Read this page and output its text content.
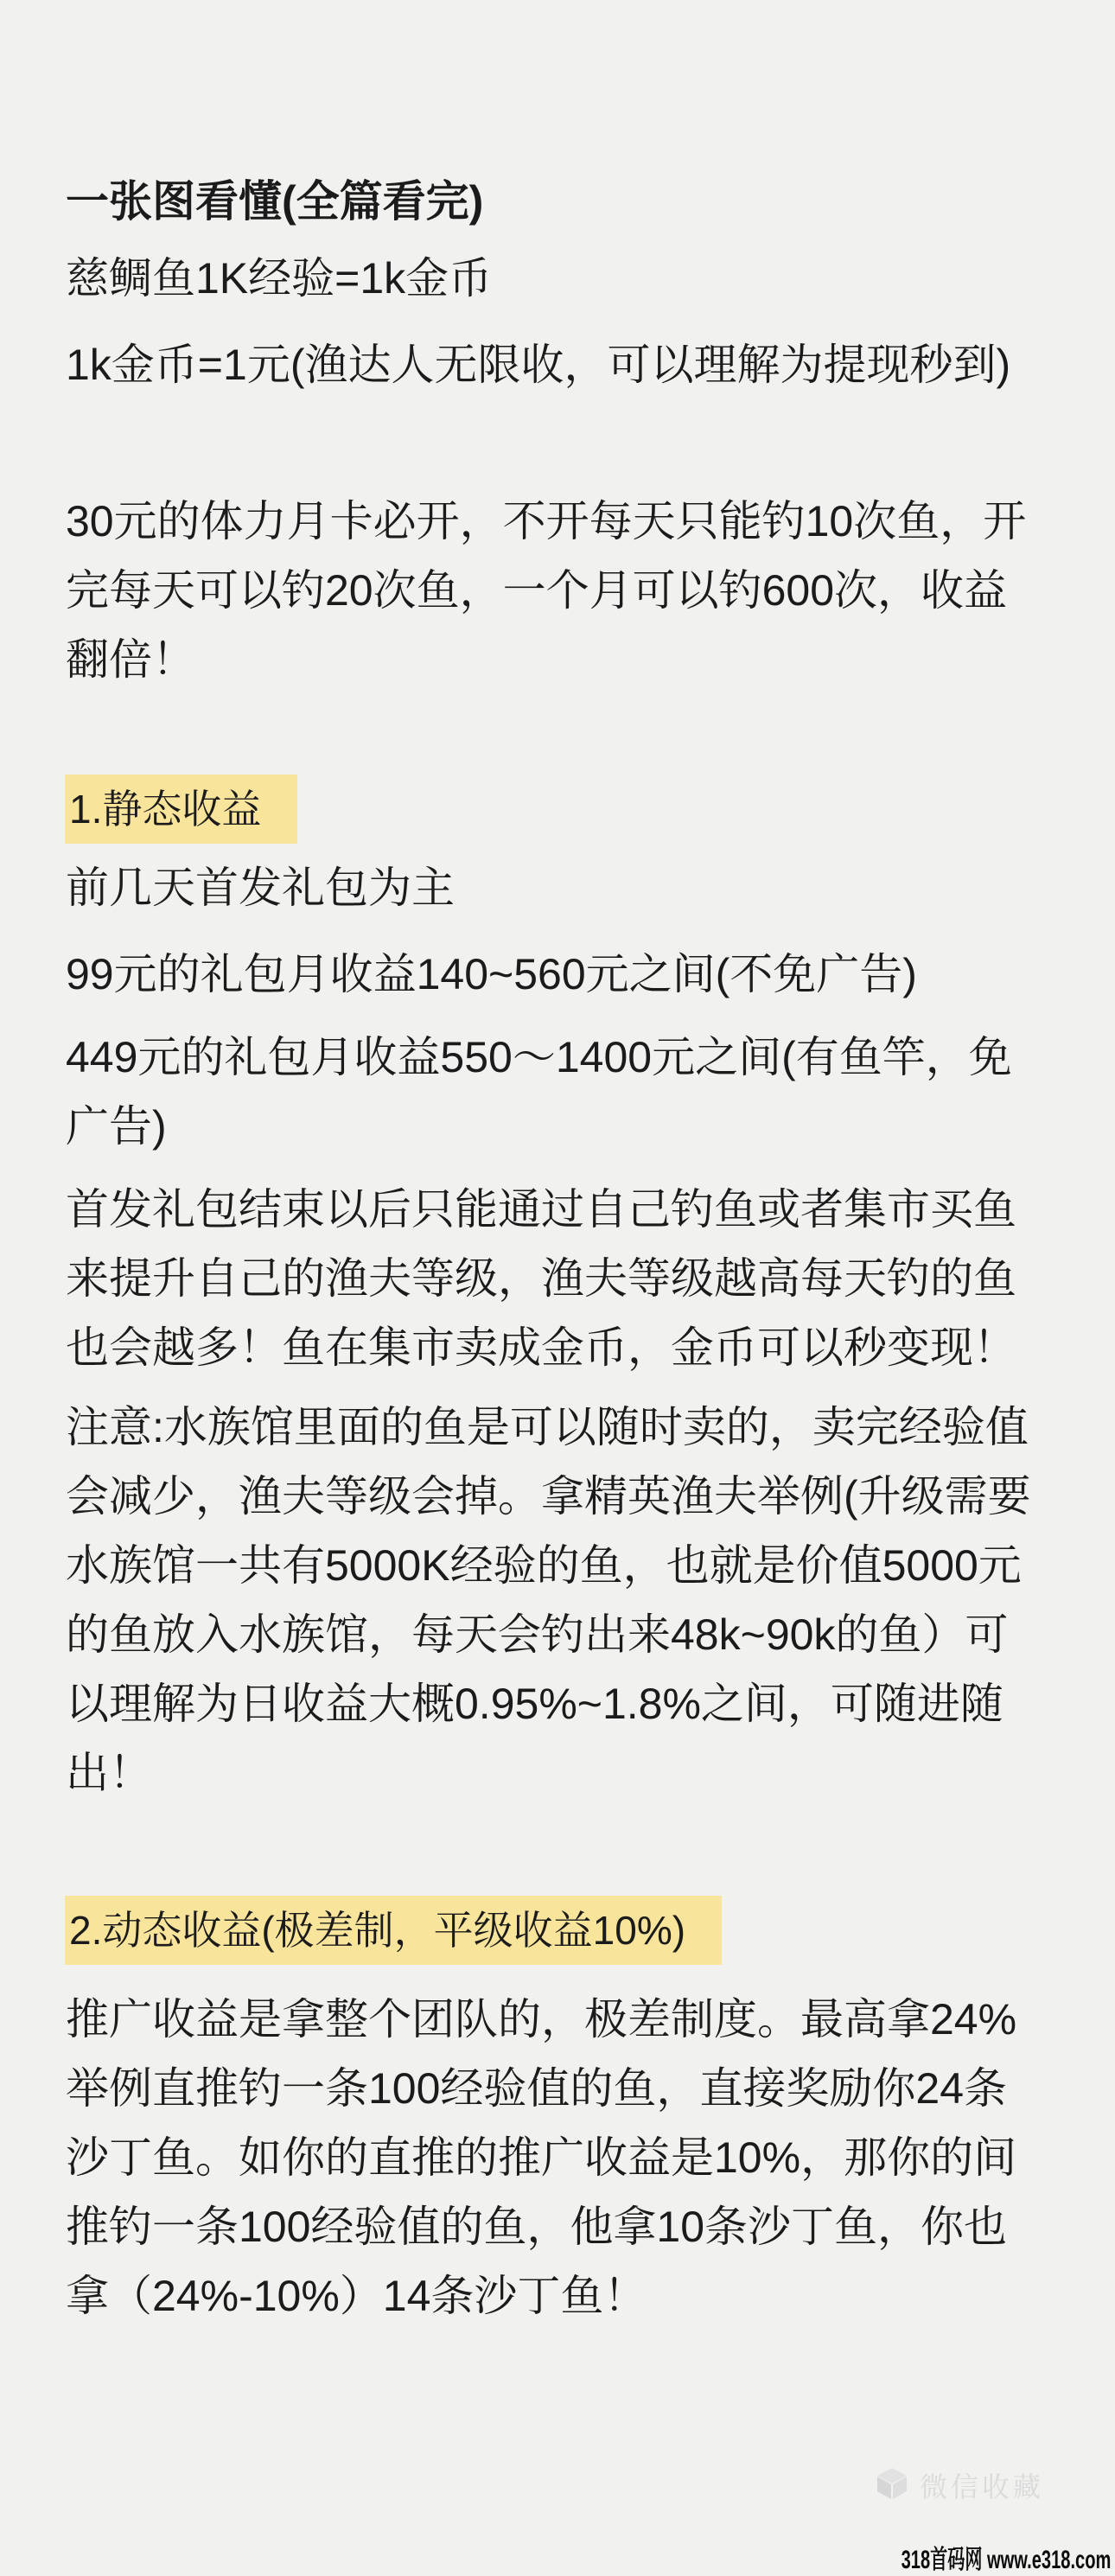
一张图看懂(全篇看完)
慈鲷鱼1K经验=1k金币
1k金币=1元(渔达人无限收，可以理解为提现秒到)
30元的体力月卡必开，不开每天只能钓10次鱼，开
完每天可以钓20次鱼，一个月可以钓600次，收益
翻倍！
1.静态收益
前几天首发礼包为主
99元的礼包月收益140~560元之间(不免广告)
449元的礼包月收益550～1400元之间(有鱼竿，免
广告)
首发礼包结束以后只能通过自己钓鱼或者集市买鱼
来提升自己的渔夫等级，渔夫等级越高每天钓的鱼
也会越多！鱼在集市卖成金币，金币可以秒变现！
注意:水族馆里面的鱼是可以随时卖的，卖完经验值
会减少，渔夫等级会掉。拿精英渔夫举例(升级需要
水族馆一共有5000K经验的鱼，也就是价值5000元
的鱼放入水族馆，每天会钓出来48k~90k的鱼）可
以理解为日收益大概0.95%~1.8%之间，可随进随
出！
2.动态收益(极差制，平级收益10%)
推广收益是拿整个团队的，极差制度。最高拿24%
举例直推钓一条100经验值的鱼，直接奖励你24条
沙丁鱼。如你的直推的推广收益是10%，那你的间
推钓一条100经验值的鱼，他拿10条沙丁鱼，你也
拿（24%-10%）14条沙丁鱼！
微信收藏
318首码网 www.e318.com
